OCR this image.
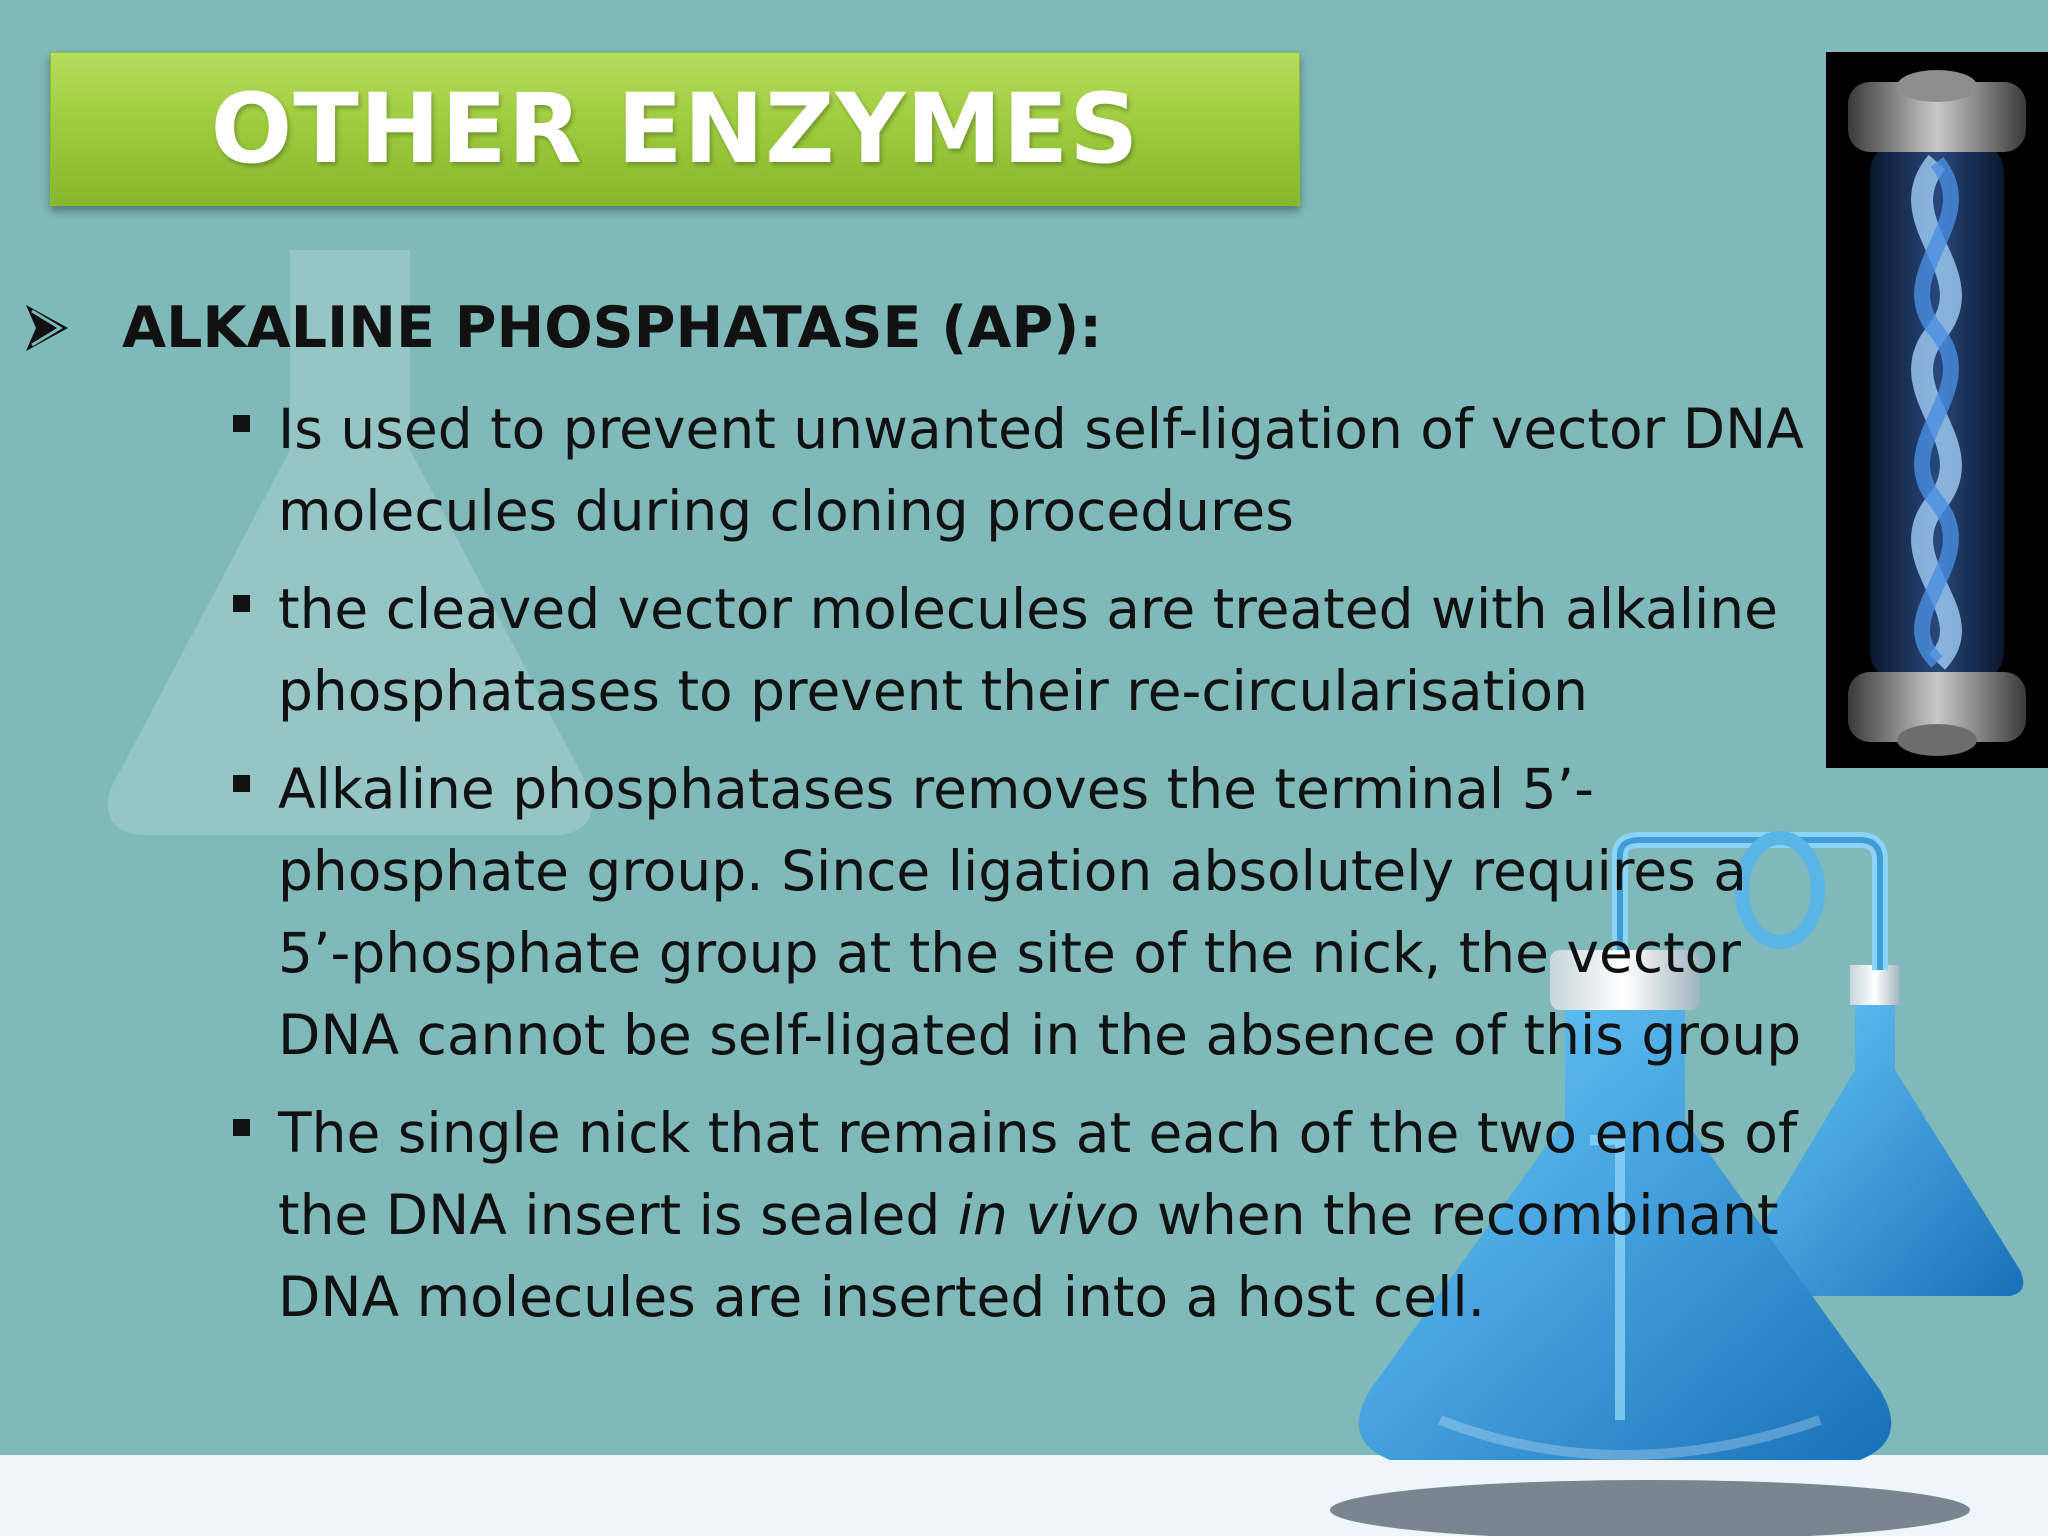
OTHER ENZYMES
ALKALINE PHOSPHATASE (AP):
Is used to prevent unwanted self-ligation of vector DNA molecules during cloning procedures
the cleaved vector molecules are treated with alkaline phosphatases to prevent their re-circularisation
Alkaline phosphatases removes the terminal 5’-phosphate group. Since ligation absolutely requires a 5’-phosphate group at the site of the nick, the vector DNA cannot be self-ligated in the absence of this group
The single nick that remains at each of the two ends of the DNA insert is sealed in vivo when the recombinant DNA molecules are inserted into a host cell.
